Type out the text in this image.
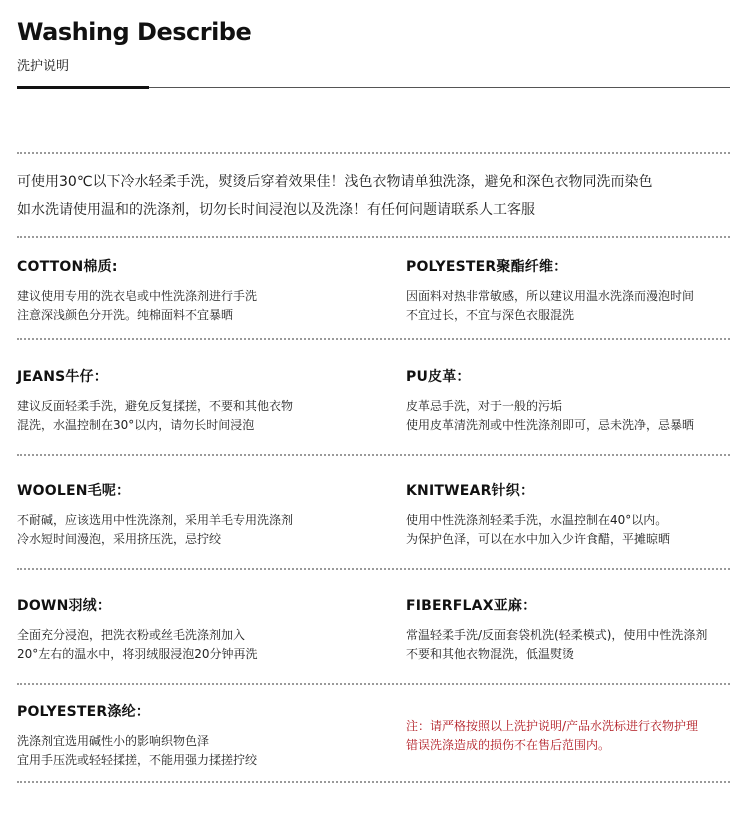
Washing Describe
洗护说明

可使用30℃以下冷水轻柔手洗，熨烫后穿着效果佳！浅色衣物请单独洗涤，避免和深色衣物同洗而染色

如水洗请使用温和的洗涤剂，切勿长时间浸泡以及洗涤！有任何问题请联系人工客服

COTTON棉质:

建议使用专用的洗衣皂或中性洗涤剂进行手洗

注意深浅颜色分开洗。纯棉面料不宜暴晒

POLYESTER聚酯纤维：

因面料对热非常敏感，所以建议用温水洗涤而漫泡时间

不宜过长，不宜与深色衣服混洗

JEANS牛仔：

建议反面轻柔手洗，避免反复揉搓，不要和其他衣物

混洗，水温控制在30°以内，请勿长时间浸泡

PU皮革：

皮革忌手洗，对于一般的污垢

使用皮革清洗剂或中性洗涤剂即可，忌未洗净，忌暴晒

WOOLEN毛呢：

不耐碱，应该选用中性洗涤剂，采用羊毛专用洗涤剂

冷水短时间漫泡，采用挤压洗，忌拧绞

KNITWEAR针织：

使用中性洗涤剂轻柔手洗，水温控制在40°以内。

为保护色泽，可以在水中加入少许食醋，平摊晾晒

DOWN羽绒：

全面充分浸泡，把洗衣粉或丝毛洗涤剂加入

20°左右的温水中，将羽绒服浸泡20分钟再洗

FIBERFLAX亚麻：

常温轻柔手洗/反面套袋机洗(轻柔模式)，使用中性洗涤剂

不要和其他衣物混洗，低温熨烫

POLYESTER涤纶：

洗涤剂宜选用碱性小的影响织物色泽

宜用手压洗或轻轻揉搓，不能用强力揉搓拧绞

注：请严格按照以上洗护说明/产品水洗标进行衣物护理

错误洗涤造成的损伤不在售后范围内。
